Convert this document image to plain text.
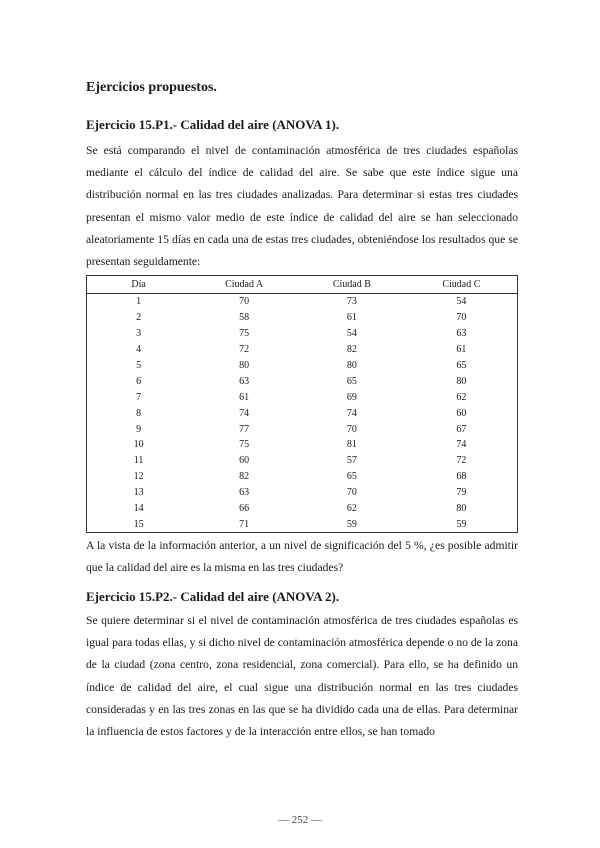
Ejercicios propuestos.
Ejercicio 15.P1.- Calidad del aire (ANOVA 1).

Se está comparando el nivel de contaminación atmosférica de tres ciudades españolas mediante el cálculo del índice de calidad del aire. Se sabe que este índice sigue una distribución normal en las tres ciudades analizadas. Para determinar si estas tres ciudades presentan el mismo valor medio de este índice de calidad del aire se han seleccionado aleatoriamente 15 días en cada una de estas tres ciudades, obteniéndose los resultados que se presentan seguidamente:

Día	Ciudad A	Ciudad B	Ciudad C
1	70	73	54
2	58	61	70
3	75	54	63
4	72	82	61
5	80	80	65
6	63	65	80
7	61	69	62
8	74	74	60
9	77	70	67
10	75	81	74
11	60	57	72
12	82	65	68
13	63	70	79
14	66	62	80
15	71	59	59

A la vista de la información anterior, a un nivel de significación del 5 %, ¿es posible admitir que la calidad del aire es la misma en las tres ciudades?

Ejercicio 15.P2.- Calidad del aire (ANOVA 2).

Se quiere determinar si el nivel de contaminación atmosférica de tres ciudades españolas es igual para todas ellas, y si dicho nivel de contaminación atmosférica depende o no de la zona de la ciudad (zona centro, zona residencial, zona comercial). Para ello, se ha definido un índice de calidad del aire, el cual sigue una distribución normal en las tres ciudades consideradas y en las tres zonas en las que se ha dividido cada una de ellas. Para determinar la influencia de estos factores y de la interacción entre ellos, se han tomado

— 252 —
